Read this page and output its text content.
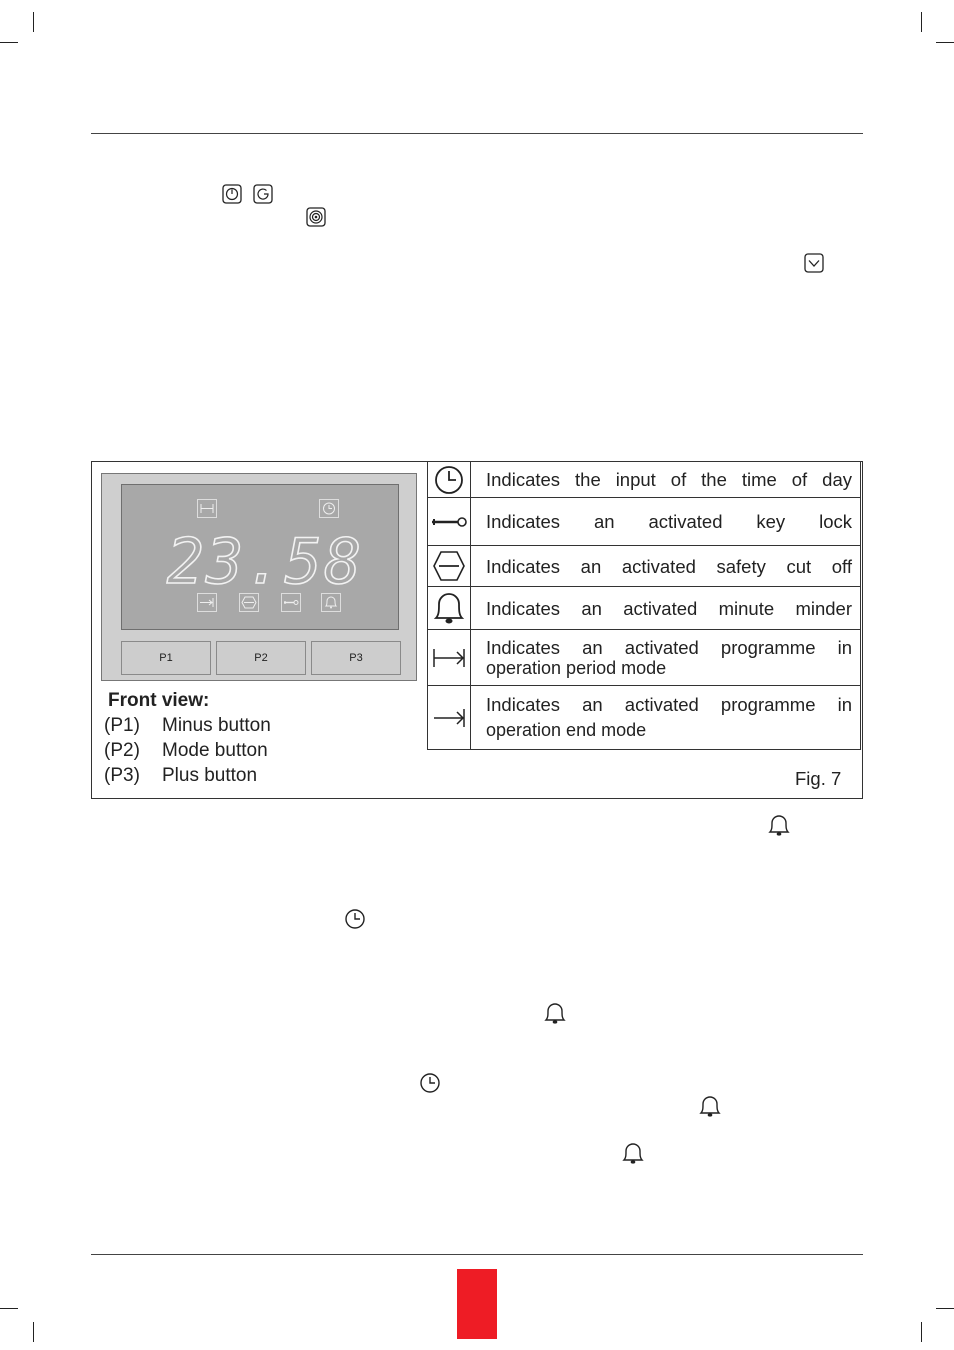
23.58
P1	P2	P3
Front view:
(P1)	Minus button
(P2)	Mode button
(P3)	Plus button

Indicates the input of the time of day

Indicates an activated key lock

Indicates an activated safety cut off

Indicates an activated minute minder

Indicates an activated programme in
operation period mode

Indicates an activated programme in
operation end mode
Fig. 7
